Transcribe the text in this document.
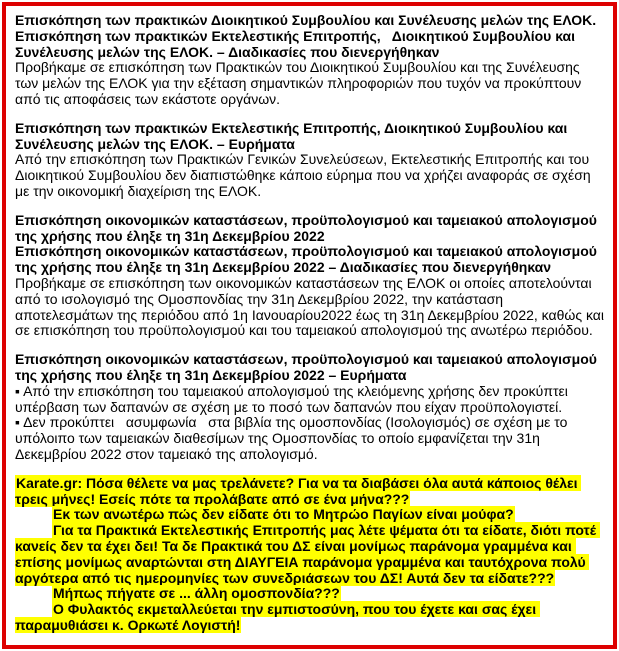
Επισκόπηση των πρακτικών Διοικητικού Συμβουλίου και Συνέλευσης μελών της ΕΛΟΚ.

Επισκόπηση των πρακτικών Εκτελεστικής Επιτροπής,   Διοικητικού Συμβουλίου και Συνέλευσης μελών της ΕΛΟΚ. – Διαδικασίες που διενεργήθηκαν

Προβήκαμε σε επισκόπηση των Πρακτικών του Διοικητικού Συμβουλίου και της Συνέλευσης των μελών της ΕΛΟΚ για την εξέταση σημαντικών πληροφοριών που τυχόν να προκύπτουν από τις αποφάσεις των εκάστοτε οργάνων.

Επισκόπηση των πρακτικών Εκτελεστικής Επιτροπής, Διοικητικού Συμβουλίου και Συνέλευσης μελών της ΕΛΟΚ. – Ευρήματα

Από την επισκόπηση των Πρακτικών Γενικών Συνελεύσεων, Εκτελεστικής Επιτροπής και του Διοικητικού Συμβουλίου δεν διαπιστώθηκε κάποιο εύρημα που να χρήζει αναφοράς σε σχέση με την οικονομική διαχείριση της ΕΛΟΚ.

Επισκόπηση οικονομικών καταστάσεων, προϋπολογισμού και ταμειακού απολογισμού της χρήσης που έληξε τη 31η Δεκεμβρίου 2022

Επισκόπηση οικονομικών καταστάσεων, προϋπολογισμού και ταμειακού απολογισμού της χρήσης που έληξε τη 31η Δεκεμβρίου 2022 – Διαδικασίες που διενεργήθηκαν

Προβήκαμε σε επισκόπηση των οικονομικών καταστάσεων της ΕΛΟΚ οι οποίες αποτελούνται από το ισολογισμό της Ομοσπονδίας την 31η Δεκεμβρίου 2022, την κατάσταση αποτελεσμάτων της περιόδου από 1η Ιανουαρίου2022 έως τη 31η Δεκεμβρίου 2022, καθώς και σε επισκόπηση του προϋπολογισμού και του ταμειακού απολογισμού της ανωτέρω περιόδου.

Επισκόπηση οικονομικών καταστάσεων, προϋπολογισμού και ταμειακού απολογισμού της χρήσης που έληξε τη 31η Δεκεμβρίου 2022 – Ευρήματα

▪ Από την επισκόπηση του ταμειακού απολογισμού της κλειόμενης χρήσης δεν προκύπτει υπέρβαση των δαπανών σε σχέση με το ποσό των δαπανών που είχαν προϋπολογιστεί.

▪ Δεν προκύπτει   ασυμφωνία   στα βιβλία της ομοσπονδίας (Ισολογισμός) σε σχέση με το υπόλοιπο των ταμειακών διαθεσίμων της Ομοσπονδίας το οποίο εμφανίζεται την 31η Δεκεμβρίου 2022 στον ταμειακό της απολογισμό.

Karate.gr: Πόσα θέλετε να μας τρελάνετε? Για να τα διαβάσει όλα αυτά κάποιος θέλει τρεις μήνες! Εσείς πότε τα προλάβατε από σε ένα μήνα???

Εκ των ανωτέρω πώς δεν είδατε ότι το Μητρώο Παγίων είναι μούφα?

Για τα Πρακτικά Εκτελεστικής Επιτροπής μας λέτε ψέματα ότι τα είδατε, διότι ποτέ κανείς δεν τα έχει δει! Τα δε Πρακτικά του ΔΣ είναι μονίμως παράνομα γραμμένα και επίσης μονίμως αναρτώνται στη ΔΙΑΥΓΕΙΑ παράνομα γραμμένα και ταυτόχρονα πολύ αργότερα από τις ημερομηνίες των συνεδριάσεων του ΔΣ! Αυτά δεν τα είδατε???

Μήπως πήγατε σε ... άλλη ομοσπονδία???

Ο Φυλακτός εκμεταλλεύεται την εμπιστοσύνη, που του έχετε και σας έχει παραμυθιάσει κ. Ορκωτέ Λογιστή!
